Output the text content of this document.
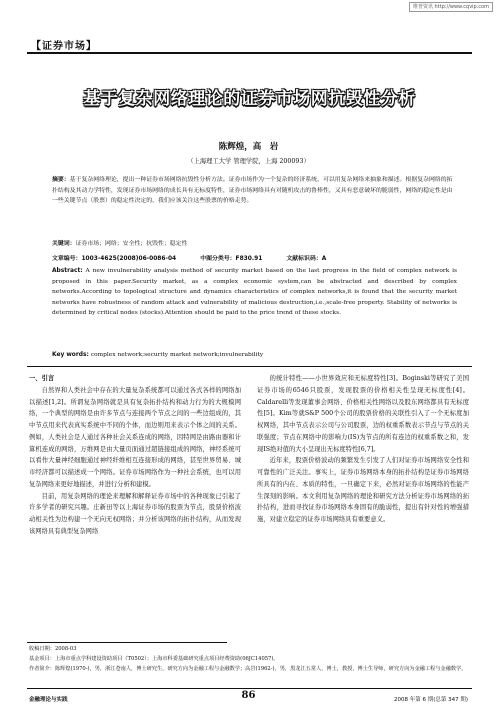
维普资讯 http://www.cqvip.com
【证券市场】
基于复杂网络理论的证券市场网抗毁性分析
陈辉煌，高　岩
（上海理工大学 管理学院，上海 200093）
摘要：基于复杂网络理论，提出一种证券市场网络抗毁性分析方法。证券市场作为一个复杂的经济系统，可以用复杂网络来抽象和描述。根据复杂网络的拓扑结构及其动力学特性，发现证券市场网络的成长具有无标度特性，证券市场网络具有对随机攻击的鲁棒性，又具有恶意破坏的脆弱性，网络的稳定性是由一些关键节点（股票）的稳定性决定的，我们应该关注这些股票的价格走势。
关键词：证券市场；网络；安全性；抗毁性；稳定性
文章编号：1003-4625(2008)06-0086-04	中图分类号：F830.91	文献标识码：A
Abstract: A new invulnerability analysis method of security market based on the last progress in the field of complex network is proposed in this paper.Security market, as a complex economic system,can be abstracted and described by complex networks.According to topological structure and dynamics characteristics of complex networks,it is found that the security market networks have robustness of random attack and vulnerability of malicious destruction,i.e.,scale-free property. Stability of networks is determined by critical nodes (stocks).Attention should be paid to the price trend of these stocks.
Key words: complex network;security market network;invulnerability

一、引言

自然界和人类社会中存在的大量复杂系统都可以通过各式各样的网络加以描述[1,2]。所谓复杂网络就是具有复杂拓扑结构和动力行为的大规模网络，一个典型的网络是由许多节点与连接两个节点之间的一些边组成的，其中节点用来代表真实系统中不同的个体，而边则用来表示个体之间的关系。例如，人类社会是人通过各种社会关系连成的网络，因特网是由路由器和计算机连成的网络，万维网是由大量页面通过超链接组成的网络，神经系统可以看作大量神经细胞通过神经纤维相互连接形成的网络，甚至世界贸易、城市经济都可以描述成一个网络。证券市场网络作为一种社会系统，也可以用复杂网络来更好地描述，并进行分析和建模。

目前，用复杂网络的理论来理解和解释证券市场中的各种现象已引起了许多学者的研究兴趣。庄新田等以上海证券市场的股票为节点，股票价格波动相关性为边构建一个无向无权网络；并分析该网络的拓扑结构，从而发现该网络具有典型复杂网络

的统计特性——小世界效应和无标度特性[3]。Boginski等研究了美国证券市场的6546只股票，发现股票的价格相关性呈现无标度性[4]。Caldarelli等发现董事会网络、价格相关性网络以及股东网络都具有无标度性[5]。Kim等就S&P 500个公司的股票价格的关联性引入了一个无标度加权网络，其中节点表示公司与公司股票，边的权重系数表示节点与节点的关联强度；节点在网络中的影响力(IS)为节点的所有连边的权重系数之和，发现IS绝对值的大小呈现出无标度特性[6,7]。

近年来，股票价格波动的频繁发生引发了人们对证券市场网络安全性和可靠性的广泛关注。事实上，证券市场网络本身的拓扑结构是证券市场网络所具有的内在、本质的特性，一旦确定下来，必然对证券市场网络的性能产生深刻的影响。本文利用复杂网络的理论和研究方法分析证券市场网络的拓扑结构，进而寻找证券市场网络本身固有的脆弱性，提出有针对性的增强措施，对建立稳定的证券市场网络具有重要意义。

收稿日期：2008-03
基金项目：上海市重点学科建设资助项目（T0502）；上海市科委基础研究重点项目经费资助(06JC14057)。
作者简介：陈辉煌(1970-)，男，浙江苍南人，博士研究生，研究方向为金融工程与金融数学；高岩(1962-)，男，黑龙江五常人，博士，教授，博士生导师，研究方向为金融工程与金融数学。
金融理论与实践	86	2008 年第 6 期(总第 347 期)
